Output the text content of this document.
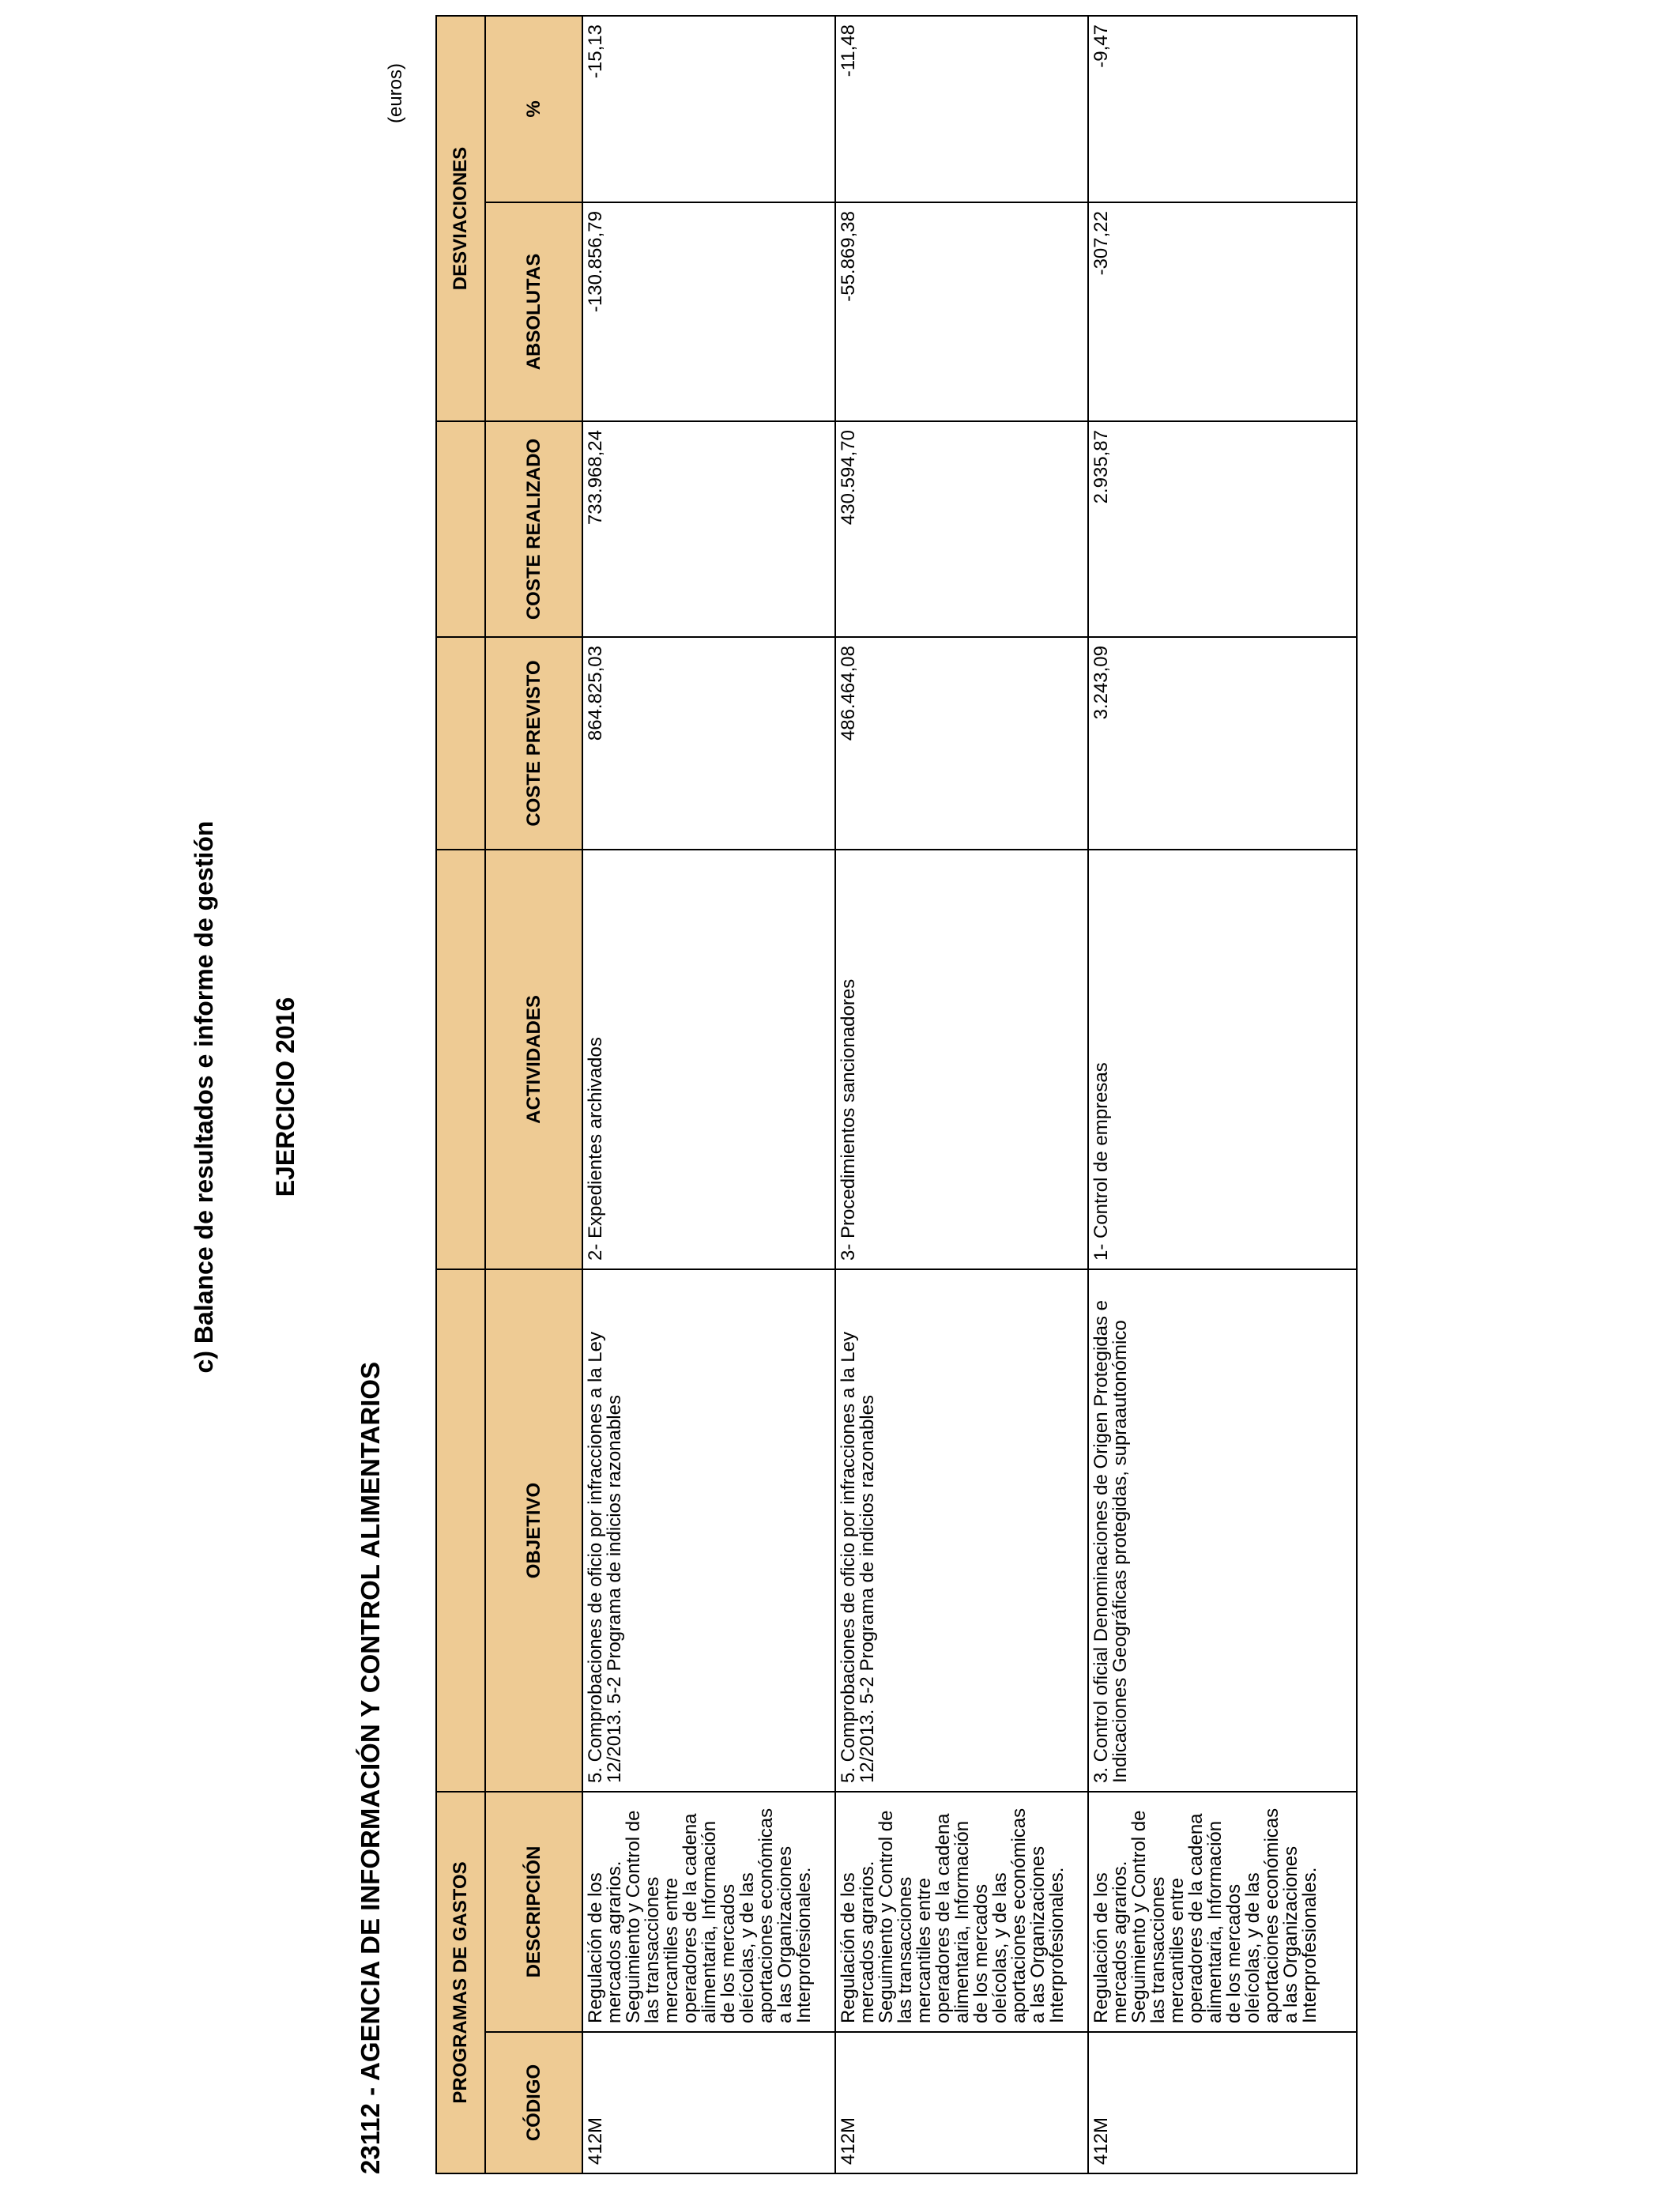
c) Balance de resultados e informe de gestión EJERCICIO 2016
23112 - AGENCIA DE INFORMACIÓN Y CONTROL ALIMENTARIOS
(euros)
PROGRAMAS DE GASTOS						DESVIACIONES	
CÓDIGO	DESCRIPCIÓN	OBJETIVO	ACTIVIDADES	COSTE PREVISTO	COSTE REALIZADO	ABSOLUTAS	%
412M	Regulación de los mercados agrarios. Seguimiento y Control de las transacciones mercantiles entre operadores de la cadena alimentaria, Información de los mercados oleícolas, y de las aportaciones económicas a las Organizaciones Interprofesionales.	5. Comprobaciones de oficio por infracciones a la Ley 12/2013. 5-2 Programa de indicios razonables	2- Expedientes archivados	864.825,03	733.968,24	-130.856,79	-15,13
412M	Regulación de los mercados agrarios. Seguimiento y Control de las transacciones mercantiles entre operadores de la cadena alimentaria, Información de los mercados oleícolas, y de las aportaciones económicas a las Organizaciones Interprofesionales.	5. Comprobaciones de oficio por infracciones a la Ley 12/2013. 5-2 Programa de indicios razonables	3- Procedimientos sancionadores	486.464,08	430.594,70	-55.869,38	-11,48
412M	Regulación de los mercados agrarios. Seguimiento y Control de las transacciones mercantiles entre operadores de la cadena alimentaria, Información de los mercados oleícolas, y de las aportaciones económicas a las Organizaciones Interprofesionales.	3. Control oficial Denominaciones de Origen Protegidas e Indicaciones Geográficas protegidas, supraautonómico	1- Control de empresas	3.243,09	2.935,87	-307,22	-9,47
